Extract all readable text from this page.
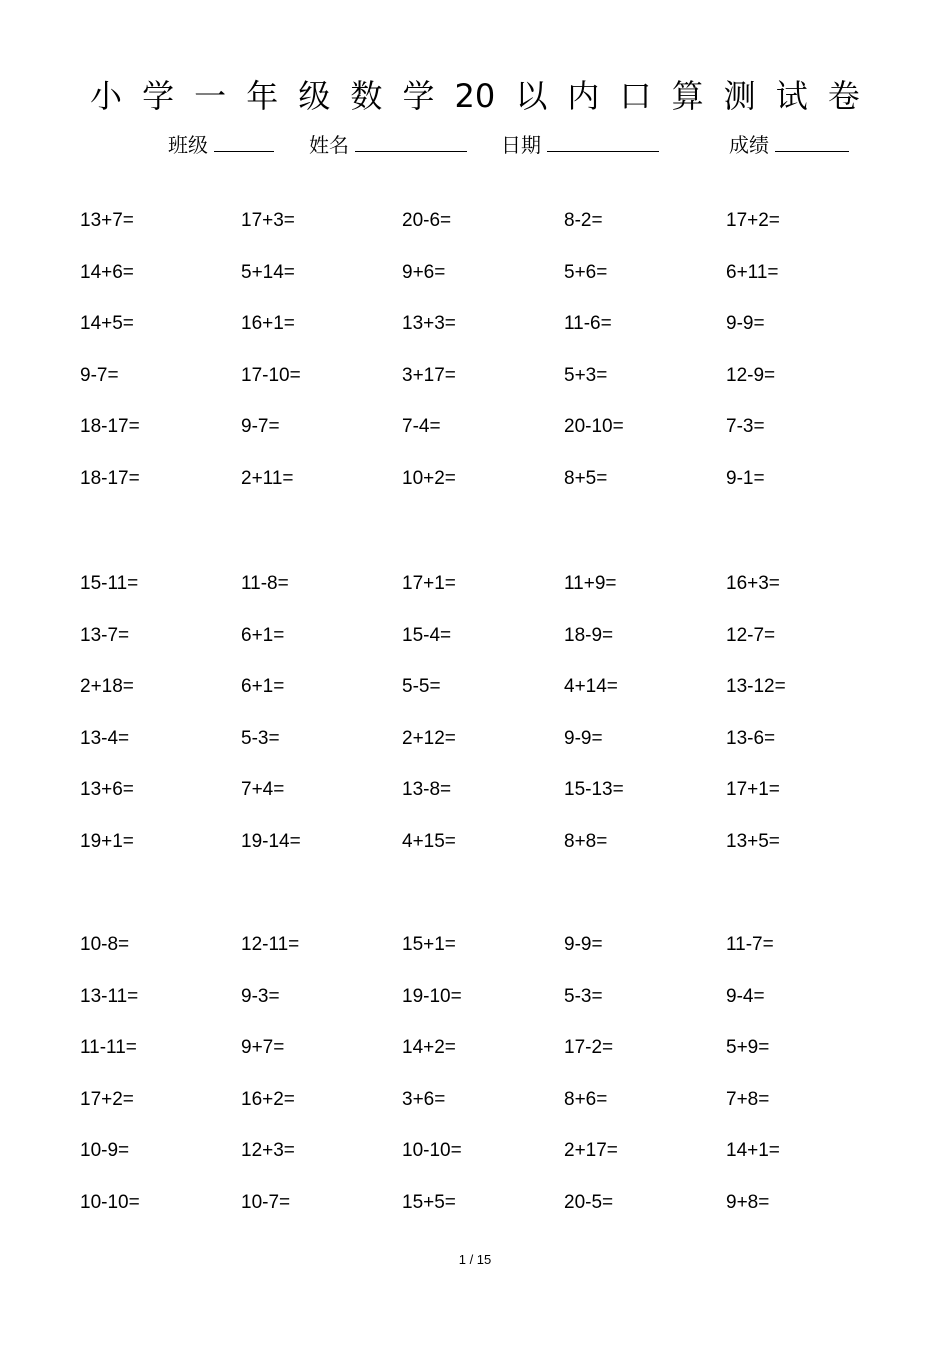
小 学 一 年 级 数 学 20 以 内 口 算 测 试 卷
班级	姓名	日期	成绩
13+7=	17+3=	20-6=	8-2=	17+2=
14+6=	5+14=	9+6=	5+6=	6+11=
14+5=	16+1=	13+3=	11-6=	9-9=
9-7=	17-10=	3+17=	5+3=	12-9=
18-17=	9-7=	7-4=	20-10=	7-3=
18-17=	2+11=	10+2=	8+5=	9-1=
15-11=	11-8=	17+1=	11+9=	16+3=
13-7=	6+1=	15-4=	18-9=	12-7=
2+18=	6+1=	5-5=	4+14=	13-12=
13-4=	5-3=	2+12=	9-9=	13-6=
13+6=	7+4=	13-8=	15-13=	17+1=
19+1=	19-14=	4+15=	8+8=	13+5=
10-8=	12-11=	15+1=	9-9=	11-7=
13-11=	9-3=	19-10=	5-3=	9-4=
11-11=	9+7=	14+2=	17-2=	5+9=
17+2=	16+2=	3+6=	8+6=	7+8=
10-9=	12+3=	10-10=	2+17=	14+1=
10-10=	10-7=	15+5=	20-5=	9+8=
1 / 15
